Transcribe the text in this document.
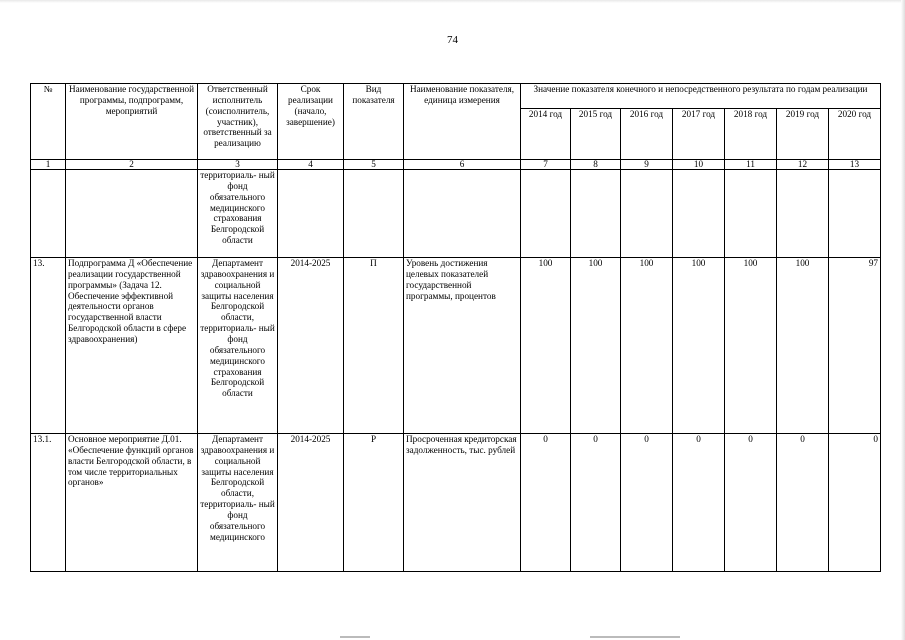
74
№	Наименование государственной программы, подпрограмм, мероприятий	Ответственный исполнитель (соисполнитель, участник), ответственный за реализацию	Срок реализации (начало, завершение)	Вид показателя	Наименование показателя, единица измерения	Значение показателя конечного и непосредственного результата по годам реализации						
						2014 год	2015 год	2016 год	2017 год	2018 год	2019 год	2020 год
1	2	3	4	5	6	7	8	9	10	11	12	13
		территориаль- ный фонд обязательного медицинского страхования Белгородской области										
13.	Подпрограмма Д «Обеспечение реализации государственной программы» (Задача 12. Обеспечение эффективной деятельности органов государственной власти Белгородской области в сфере здравоохранения)	Департамент здравоохранения и социальной защиты населения Белгородской области, территориаль- ный фонд обязательного медицинского страхования Белгородской области	2014-2025	П	Уровень достижения целевых показателей государственной программы, процентов	100	100	100	100	100	100	97
13.1.	Основное мероприятие Д.01. «Обеспечение функций органов власти Белгородской области, в том числе территориальных органов»	Департамент здравоохранения и социальной защиты населения Белгородской области, территориаль- ный фонд обязательного медицинского	2014-2025	Р	Просроченная кредиторская задолженность, тыс. рублей	0	0	0	0	0	0	0
